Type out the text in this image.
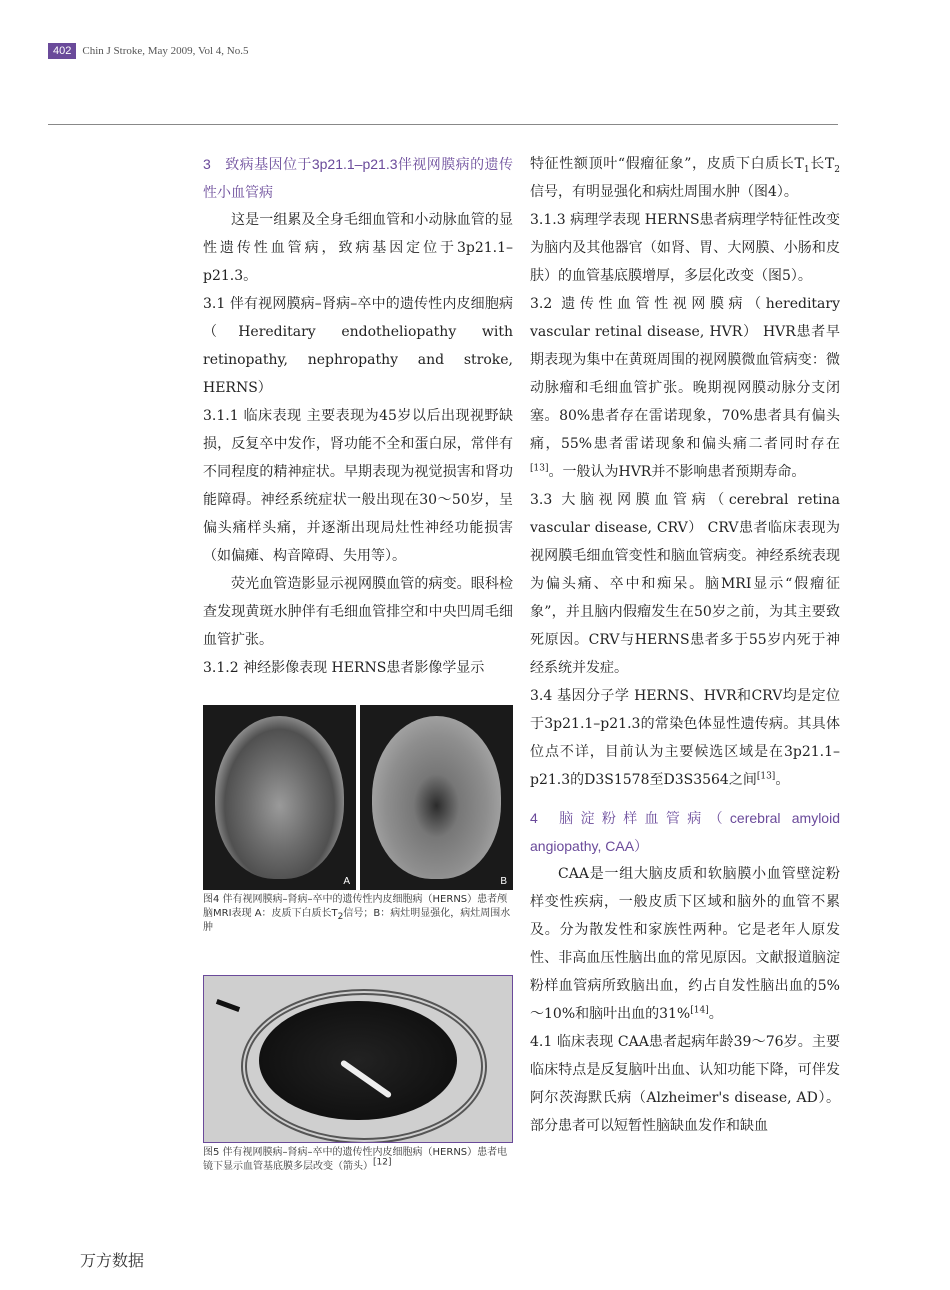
402	Chin J Stroke, May 2009, Vol 4, No.5

3 致病基因位于3p21.1–p21.3伴视网膜病的遗传性小血管病

这是一组累及全身毛细血管和小动脉血管的显性遗传性血管病，致病基因定位于3p21.1–p21.3。

3.1 伴有视网膜病–肾病–卒中的遗传性内皮细胞病（Hereditary endotheliopathy with retinopathy, nephropathy and stroke, HERNS）

3.1.1 临床表现 主要表现为45岁以后出现视野缺损，反复卒中发作，肾功能不全和蛋白尿，常伴有不同程度的精神症状。早期表现为视觉损害和肾功能障碍。神经系统症状一般出现在30～50岁，呈偏头痛样头痛，并逐渐出现局灶性神经功能损害（如偏瘫、构音障碍、失用等）。

荧光血管造影显示视网膜血管的病变。眼科检查发现黄斑水肿伴有毛细血管排空和中央凹周毛细血管扩张。

3.1.2 神经影像表现 HERNS患者影像学显示

A	B
图4 伴有视网膜病–肾病–卒中的遗传性内皮细胞病（HERNS）患者颅脑MRI表现 A：皮质下白质长$T_2$信号；B：病灶明显强化，病灶周围水肿
图5 伴有视网膜病–肾病–卒中的遗传性内皮细胞病（HERNS）患者电镜下显示血管基底膜多层改变（箭头）[12]

特征性额顶叶“假瘤征象”，皮质下白质长$T_1$长$T_2$信号，有明显强化和病灶周围水肿（图4）。

3.1.3 病理学表现 HERNS患者病理学特征性改变为脑内及其他器官（如肾、胃、大网膜、小肠和皮肤）的血管基底膜增厚，多层化改变（图5）。

3.2 遗传性血管性视网膜病（hereditary vascular retinal disease, HVR） HVR患者早期表现为集中在黄斑周围的视网膜微血管病变：微动脉瘤和毛细血管扩张。晚期视网膜动脉分支闭塞。80%患者存在雷诺现象，70%患者具有偏头痛，55%患者雷诺现象和偏头痛二者同时存在[13]。一般认为HVR并不影响患者预期寿命。

3.3 大脑视网膜血管病（cerebral retina vascular disease, CRV） CRV患者临床表现为视网膜毛细血管变性和脑血管病变。神经系统表现为偏头痛、卒中和痴呆。脑MRI显示“假瘤征象”，并且脑内假瘤发生在50岁之前，为其主要致死原因。CRV与HERNS患者多于55岁内死于神经系统并发症。

3.4 基因分子学 HERNS、HVR和CRV均是定位于3p21.1–p21.3的常染色体显性遗传病。其具体位点不详，目前认为主要候选区域是在3p21.1–p21.3的D3S1578至D3S3564之间[13]。

4 脑淀粉样血管病（cerebral amyloid angiopathy, CAA）

CAA是一组大脑皮质和软脑膜小血管壁淀粉样变性疾病，一般皮质下区域和脑外的血管不累及。分为散发性和家族性两种。它是老年人原发性、非高血压性脑出血的常见原因。文献报道脑淀粉样血管病所致脑出血，约占自发性脑出血的5%～10%和脑叶出血的31%[14]。

4.1 临床表现 CAA患者起病年龄39～76岁。主要临床特点是反复脑叶出血、认知功能下降，可伴发阿尔茨海默氏病（Alzheimer's disease, AD）。部分患者可以短暂性脑缺血发作和缺血

万方数据
